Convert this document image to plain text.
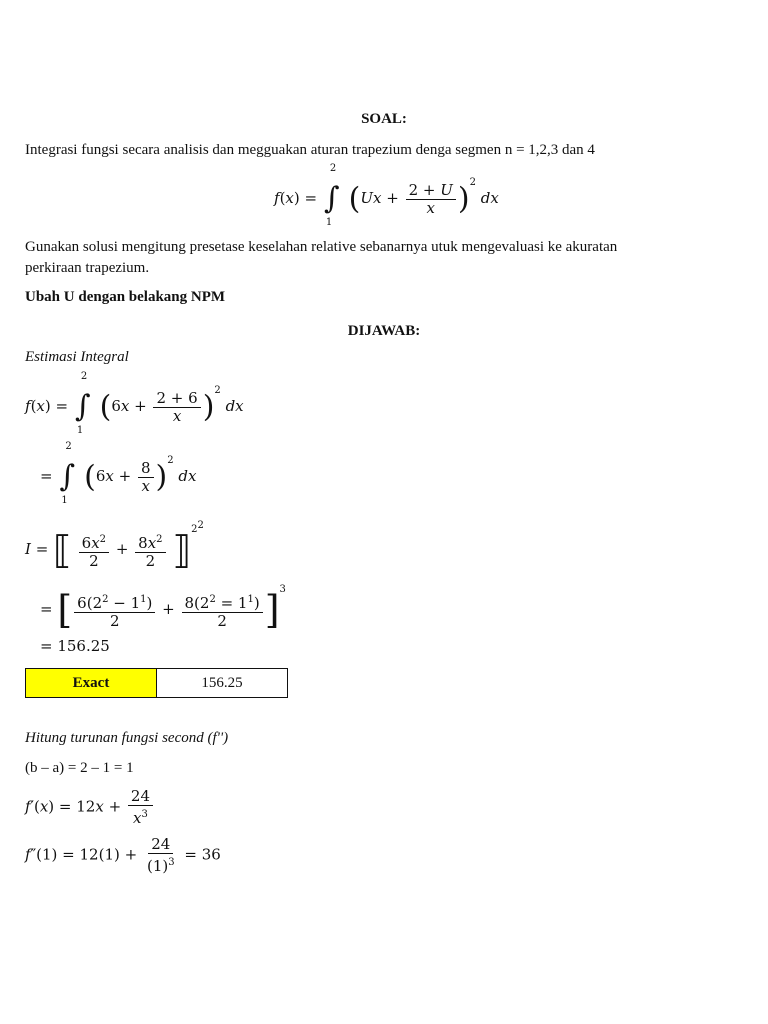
SOAL:
Integrasi fungsi secara analisis dan megguakan aturan trapezium denga segmen n = 1,2,3 dan 4
f(x) =
2
∫
1
$(Ux + \frac{2 + U}{x} )^2$ dx
Gunakan solusi mengitung presetase keselahan relative sebanarnya utuk mengevaluasi ke akuratan
perkiraan trapezium.
Ubah U dengan belakang NPM
DIJAWAB:
Estimasi Integral
f(x) =
2
∫
1
$(6x + \frac{2 + 6}{x} )^2$ dx
=
2
∫
1
$(6x + \frac{8}{x} )^2$ dx
I = ⟦ $\frac{6x^2}{2} + \frac{8x^2}{2}$ ⟧$^{22}$
= [ $\frac{6(2^2 - 1^1)}{2} + \frac{8(2^2 = 1^1)}{2} ]^3$
= 156.25
Exact	156.25
Hitung turunan fungsi second (f'')
(b – a) = 2 – 1 = 1
$f'(x) = 12x + \frac{24}{x^3}$
$f''(1) = 12(1) + \frac{24}{(1)^3} = 36$
